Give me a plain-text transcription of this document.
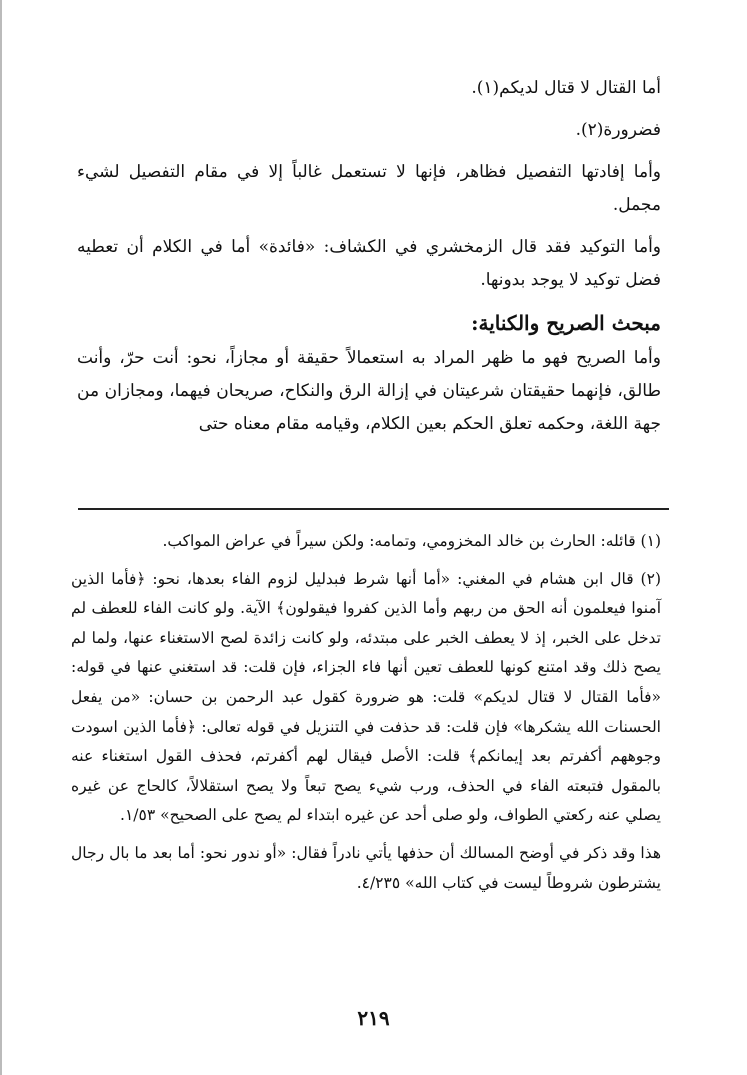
أما القتال لا قتال لديكم(١).

فضرورة(٢).

وأما إفادتها التفصيل فظاهر، فإنها لا تستعمل غالباً إلا في مقام التفصيل لشيء مجمل.

وأما التوكيد فقد قال الزمخشري في الكشاف: «فائدة» أما في الكلام أن تعطيه فضل توكيد لا يوجد بدونها.

مبحث الصريح والكناية:

وأما الصريح فهو ما ظهر المراد به استعمالاً حقيقة أو مجازاً، نحو: أنت حرّ، وأنت طالق، فإنهما حقيقتان شرعيتان في إزالة الرق والنكاح، صريحان فيهما، ومجازان من جهة اللغة، وحكمه تعلق الحكم بعين الكلام، وقيامه مقام معناه حتى

(١) قائله: الحارث بن خالد المخزومي، وتمامه: ولكن سيراً في عراض المواكب.

(٢) قال ابن هشام في المغني: «أما أنها شرط فبدليل لزوم الفاء بعدها، نحو: ﴿فأما الذين آمنوا فيعلمون أنه الحق من ربهم وأما الذين كفروا فيقولون﴾ الآية. ولو كانت الفاء للعطف لم تدخل على الخبر، إذ لا يعطف الخبر على مبتدئه، ولو كانت زائدة لصح الاستغناء عنها، ولما لم يصح ذلك وقد امتنع كونها للعطف تعين أنها فاء الجزاء، فإن قلت: قد استغني عنها في قوله: «فأما القتال لا قتال لديكم» قلت: هو ضرورة كقول عبد الرحمن بن حسان: «من يفعل الحسنات الله يشكرها» فإن قلت: قد حذفت في التنزيل في قوله تعالى: ﴿فأما الذين اسودت وجوههم أكفرتم بعد إيمانكم﴾ قلت: الأصل فيقال لهم أكفرتم، فحذف القول استغناء عنه بالمقول فتبعته الفاء في الحذف، ورب شيء يصح تبعاً ولا يصح استقلالاً، كالحاج عن غيره يصلي عنه ركعتي الطواف، ولو صلى أحد عن غيره ابتداء لم يصح على الصحيح» ١/٥٣.

هذا وقد ذكر في أوضح المسالك أن حذفها يأتي نادراً فقال: «أو ندور نحو: أما بعد ما بال رجال يشترطون شروطاً ليست في كتاب الله» ٤/٢٣٥.

٢١٩
